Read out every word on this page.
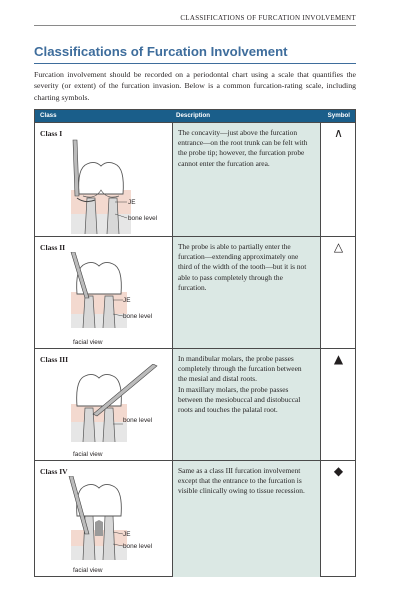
CLASSIFICATIONS OF FURCATION INVOLVEMENT
Classifications of Furcation Involvement
Furcation involvement should be recorded on a periodontal chart using a scale that quantifies the severity (or extent) of the furcation invasion. Below is a common furcation-rating scale, including charting symbols.
Class	Description	Symbol
Class I
JE
bone level

The concavity—just above the furcation entrance—on the root trunk can be felt with the probe tip; however, the furcation probe cannot enter the furcation area.

∧
Class II
JE
bone level
facial view

The probe is able to partially enter the furcation—extending approximately one third of the width of the tooth—but it is not able to pass completely through the furcation.

△
Class III
bone level
facial view

In mandibular molars, the probe passes completely through the furcation between the mesial and distal roots.

In maxillary molars, the probe passes between the mesiobuccal and distobuccal roots and touches the palatal root.

▲
Class IV
JE
bone level
facial view

Same as a class III furcation involvement except that the entrance to the furcation is visible clinically owing to tissue recession.

◆
